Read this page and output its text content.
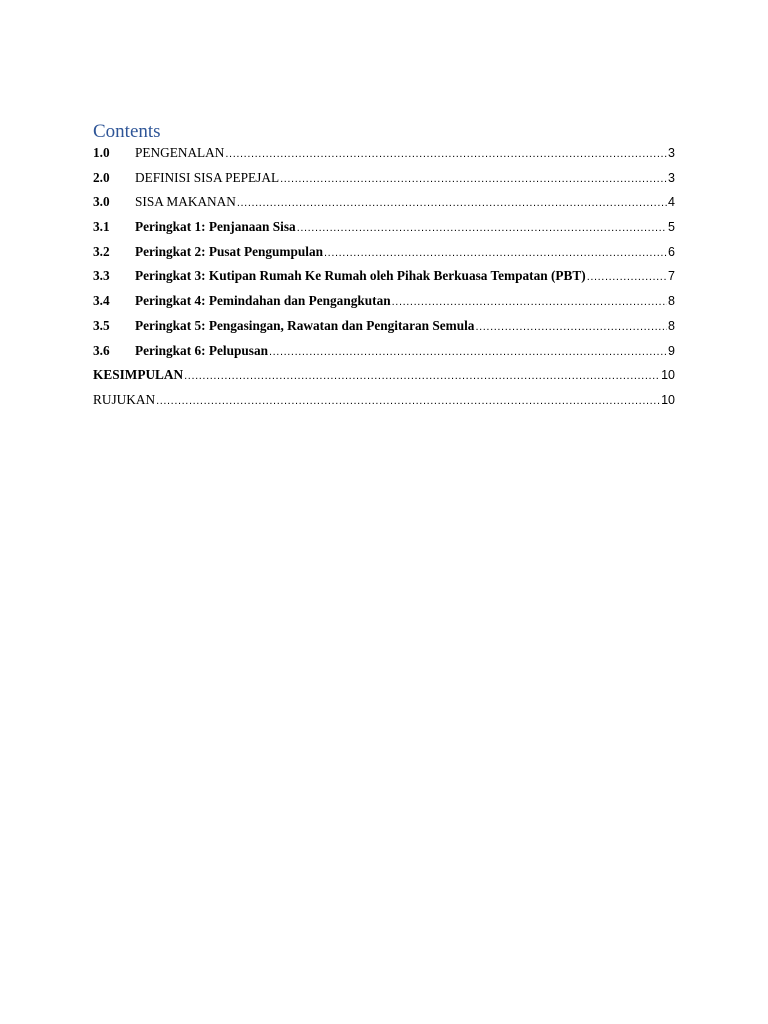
Contents
1.0	PENGENALAN .....	3
2.0	DEFINISI SISA PEPEJAL .....	3
3.0	SISA MAKANAN .....	4
3.1	Peringkat 1: Penjanaan Sisa .....	5
3.2	Peringkat 2: Pusat Pengumpulan .....	6
3.3	Peringkat 3: Kutipan Rumah Ke Rumah oleh Pihak Berkuasa Tempatan (PBT) .....	7
3.4	Peringkat 4: Pemindahan dan Pengangkutan .....	8
3.5	Peringkat 5: Pengasingan, Rawatan dan Pengitaran Semula .....	8
3.6	Peringkat 6: Pelupusan .....	9
KESIMPULAN .....	10
RUJUKAN .....	10
